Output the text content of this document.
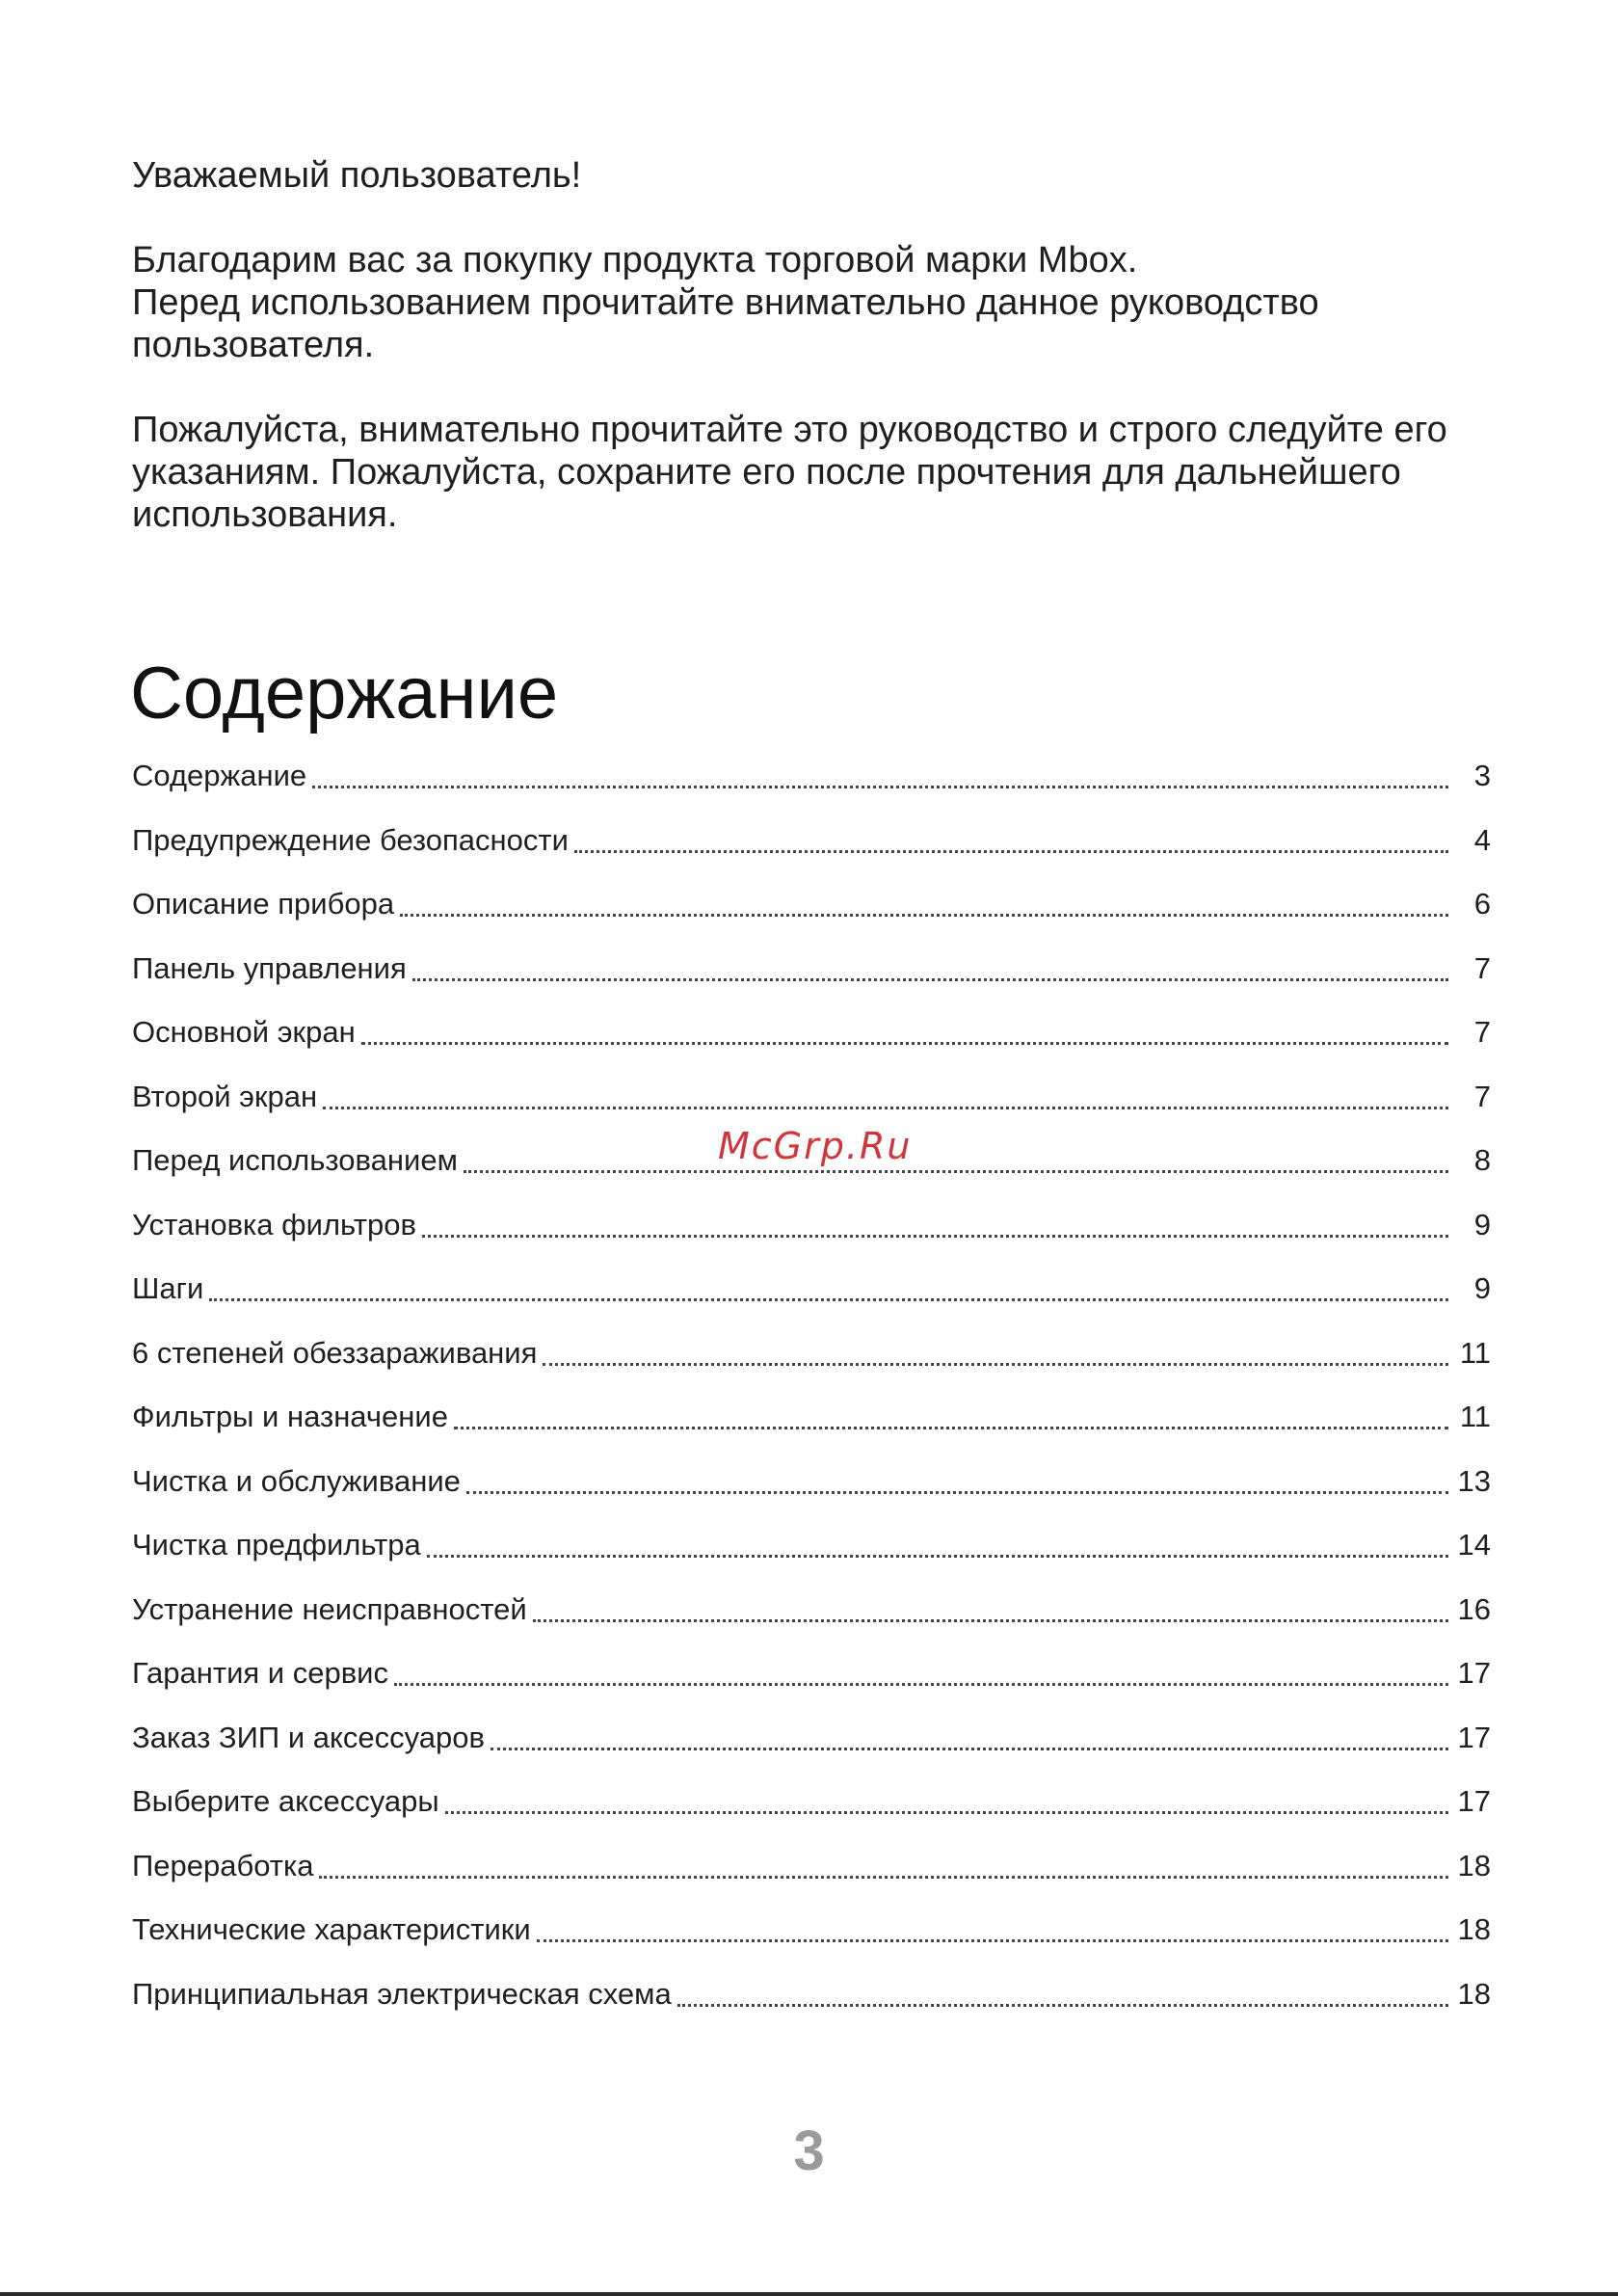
Уважаемый пользователь!

Благодарим вас за покупку продукта торговой марки Mbox.
Перед использованием прочитайте внимательно данное руководство
пользователя.

Пожалуйста, внимательно прочитайте это руководство и строго следуйте его
указаниям. Пожалуйста, сохраните его после прочтения для дальнейшего
использования.

Содержание
Содержание	3
Предупреждение безопасности	4
Описание прибора	6
Панель управления	7
Основной экран	7
Второй экран	7
Перед использованием	8
Установка фильтров	9
Шаги	9
6 степеней обеззараживания	11
Фильтры и назначение	11
Чистка и обслуживание	13
Чистка предфильтра	14
Устранение неисправностей	16
Гарантия и сервис	17
Заказ ЗИП и аксессуаров	17
Выберите аксессуары	17
Переработка	18
Технические характеристики	18
Принципиальная электрическая схема	18
McGrp.Ru
3
